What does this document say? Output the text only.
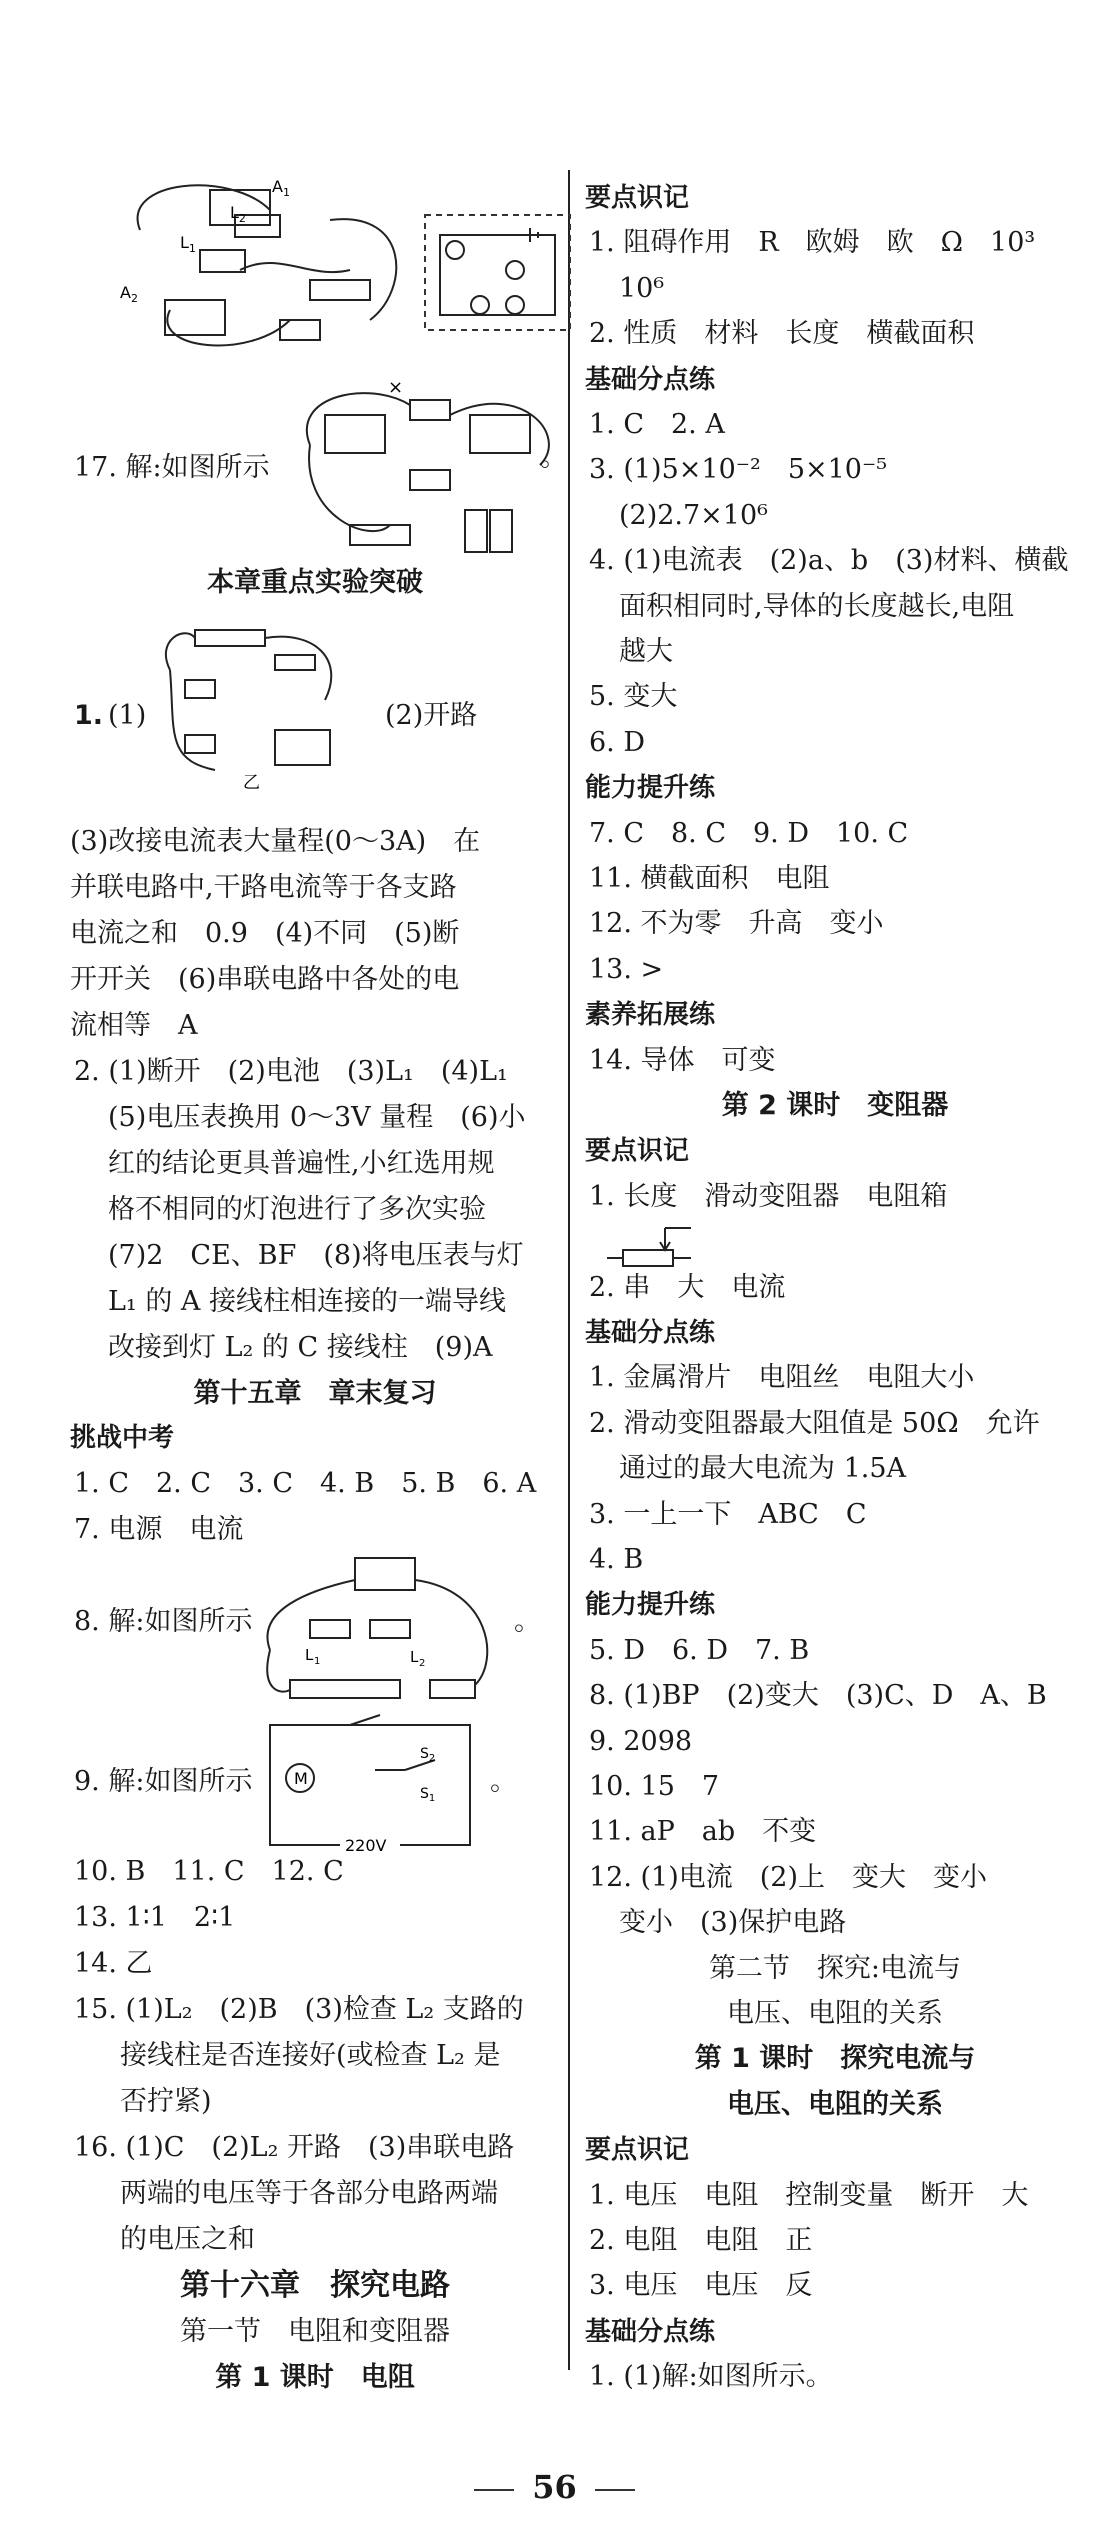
$A_1$
$A_2$
$L_1$
$L_2$
17. 解:如图所示
×
。
本章重点实验突破
1. (1)
乙
(2)开路
(3)改接电流表大量程(0～3A)　在
并联电路中,干路电流等于各支路
电流之和　0.9　(4)不同　(5)断
开开关　(6)串联电路中各处的电
流相等　A
2. (1)断开　(2)电池　(3)L₁　(4)L₁
(5)电压表换用 0～3V 量程　(6)小
红的结论更具普遍性,小红选用规
格不相同的灯泡进行了多次实验
(7)2　CE、BF　(8)将电压表与灯
L₁ 的 A 接线柱相连接的一端导线
改接到灯 L₂ 的 C 接线柱　(9)A
第十五章　章末复习
挑战中考
1. C　2. C　3. C　4. B　5. B　6. A
7. 电源　电流
L 1	L 2
8. 解:如图所示	。
M
$S_2$
$S_1$
220V
9. 解:如图所示	。
10. B　11. C　12. C
13. 1∶1　2∶1
14. 乙
15. (1)L₂　(2)B　(3)检查 L₂ 支路的
接线柱是否连接好(或检查 L₂ 是
否拧紧)
16. (1)C　(2)L₂ 开路　(3)串联电路
两端的电压等于各部分电路两端
的电压之和
第十六章　探究电路
第一节　电阻和变阻器
第 1 课时　电阻
要点识记
1. 阻碍作用　R　欧姆　欧　Ω　10³
10⁶
2. 性质　材料　长度　横截面积
基础分点练
1. C　2. A
3. (1)5×10⁻²　5×10⁻⁵
(2)2.7×10⁶
4. (1)电流表　(2)a、b　(3)材料、横截
面积相同时,导体的长度越长,电阻
越大
5. 变大
6. D
能力提升练
7. C　8. C　9. D　10. C
11. 横截面积　电阻
12. 不为零　升高　变小
13. >
素养拓展练
14. 导体　可变
第 2 课时　变阻器
要点识记
1. 长度　滑动变阻器　电阻箱
2. 串　大　电流
基础分点练
1. 金属滑片　电阻丝　电阻大小
2. 滑动变阻器最大阻值是 50Ω　允许
通过的最大电流为 1.5A
3. 一上一下　ABC　C
4. B
能力提升练
5. D　6. D　7. B
8. (1)BP　(2)变大　(3)C、D　A、B
9. 2098
10. 15　7
11. aP　ab　不变
12. (1)电流　(2)上　变大　变小
变小　(3)保护电路
第二节　探究:电流与
电压、电阻的关系
第 1 课时　探究电流与
电压、电阻的关系
要点识记
1. 电压　电阻　控制变量　断开　大
2. 电阻　电阻　正
3. 电压　电压　反
基础分点练
1. (1)解:如图所示。
56
